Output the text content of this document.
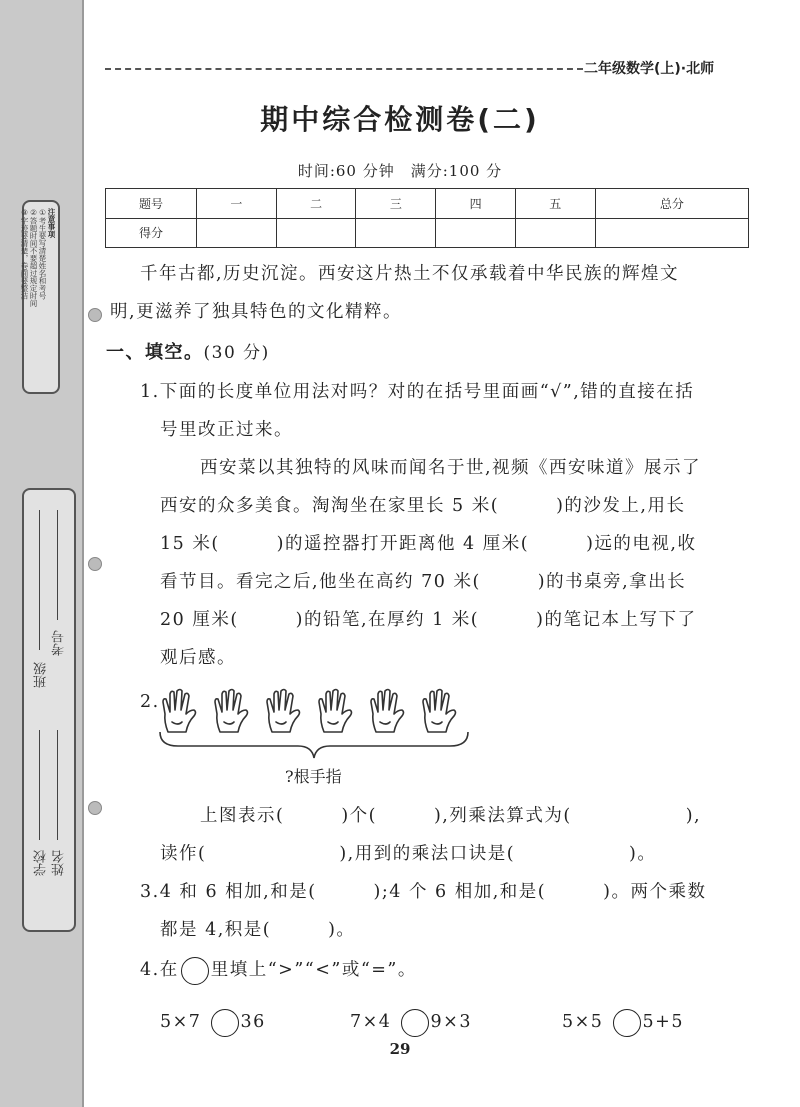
注意事项
①考生要写清楚姓名和考号
②答题时间不要超过规定时间
③字迹要清楚，卷面要整洁
学校 姓名
班级
考号
二年级数学(上)·北师
期中综合检测卷(二)
时间:60 分钟　满分:100 分
题号	一	二	三	四	五	总分
得分						
千年古都,历史沉淀。西安这片热土不仅承载着中华民族的辉煌文
明,更滋养了独具特色的文化精粹。
一、填空。(30 分)
1.下面的长度单位用法对吗？对的在括号里面画“√”,错的直接在括
号里改正过来。
西安菜以其独特的风味而闻名于世,视频《西安味道》展示了
西安的众多美食。淘淘坐在家里长 5 米(　　　)的沙发上,用长
15 米(　　　)的遥控器打开距离他 4 厘米(　　　)远的电视,收
看节目。看完之后,他坐在高约 70 米(　　　)的书桌旁,拿出长
20 厘米(　　　)的铅笔,在厚约 1 米(　　　)的笔记本上写下了
观后感。
2.
?根手指
上图表示(　　　)个(　　　),列乘法算式为(　　　　　　),
读作(　　　　　　　),用到的乘法口诀是(　　　　　　)。
3.4 和 6 相加,和是(　　　);4 个 6 相加,和是(　　　)。两个乘数
都是 4,积是(　　　)。
4.在 里填上“>”“<”或“=”。
5×7 36	7×4 9×3	5×5 5+5
29
